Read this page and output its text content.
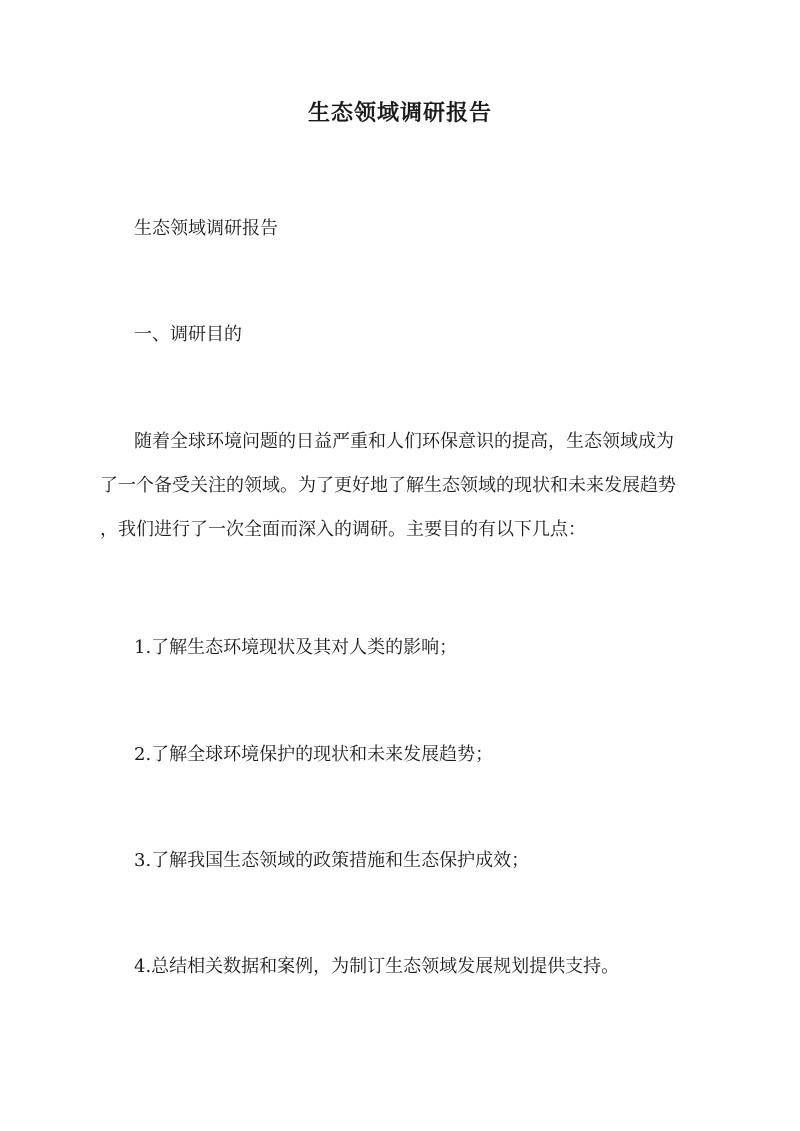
生态领域调研报告
生态领域调研报告
一、调研目的
随着全球环境问题的日益严重和人们环保意识的提高，生态领域成为
了一个备受关注的领域。为了更好地了解生态领域的现状和未来发展趋势
，我们进行了一次全面而深入的调研。主要目的有以下几点：
1.了解生态环境现状及其对人类的影响；
2.了解全球环境保护的现状和未来发展趋势；
3.了解我国生态领域的政策措施和生态保护成效；
4.总结相关数据和案例，为制订生态领域发展规划提供支持。
